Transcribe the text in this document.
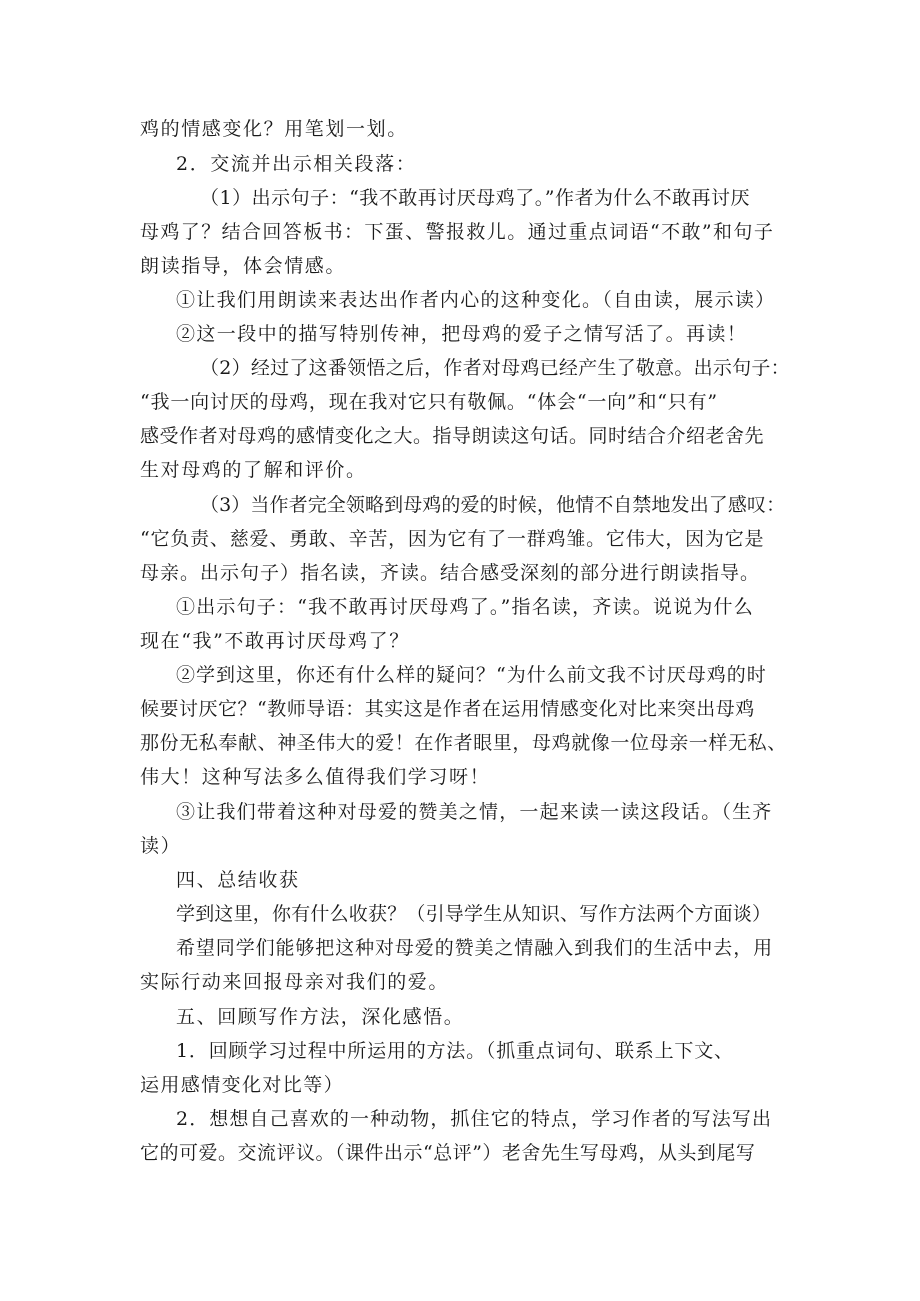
鸡的情感变化？用笔划一划。
2．交流并出示相关段落：
（1）出示句子：“我不敢再讨厌母鸡了。”作者为什么不敢再讨厌
母鸡了？结合回答板书：下蛋、警报救儿。通过重点词语“不敢”和句子
朗读指导，体会情感。
①让我们用朗读来表达出作者内心的这种变化。（自由读，展示读）
②这一段中的描写特别传神，把母鸡的爱子之情写活了。再读！
（2）经过了这番领悟之后，作者对母鸡已经产生了敬意。出示句子：
“我一向讨厌的母鸡，现在我对它只有敬佩。“体会“一向”和“只有”
感受作者对母鸡的感情变化之大。指导朗读这句话。同时结合介绍老舍先
生对母鸡的了解和评价。
（3）当作者完全领略到母鸡的爱的时候，他情不自禁地发出了感叹：
“它负责、慈爱、勇敢、辛苦，因为它有了一群鸡雏。它伟大，因为它是
母亲。出示句子）指名读，齐读。结合感受深刻的部分进行朗读指导。
①出示句子：“我不敢再讨厌母鸡了。”指名读，齐读。说说为什么
现在“我”不敢再讨厌母鸡了？
②学到这里，你还有什么样的疑问？“为什么前文我不讨厌母鸡的时
候要讨厌它？“教师导语：其实这是作者在运用情感变化对比来突出母鸡
那份无私奉献、神圣伟大的爱！在作者眼里，母鸡就像一位母亲一样无私、
伟大！这种写法多么值得我们学习呀！
③让我们带着这种对母爱的赞美之情，一起来读一读这段话。（生齐
读）
四、总结收获
学到这里，你有什么收获？（引导学生从知识、写作方法两个方面谈）
希望同学们能够把这种对母爱的赞美之情融入到我们的生活中去，用
实际行动来回报母亲对我们的爱。
五、回顾写作方法，深化感悟。
1．回顾学习过程中所运用的方法。（抓重点词句、联系上下文、
运用感情变化对比等）
2．想想自己喜欢的一种动物，抓住它的特点，学习作者的写法写出
它的可爱。交流评议。（课件出示“总评”）老舍先生写母鸡，从头到尾写
